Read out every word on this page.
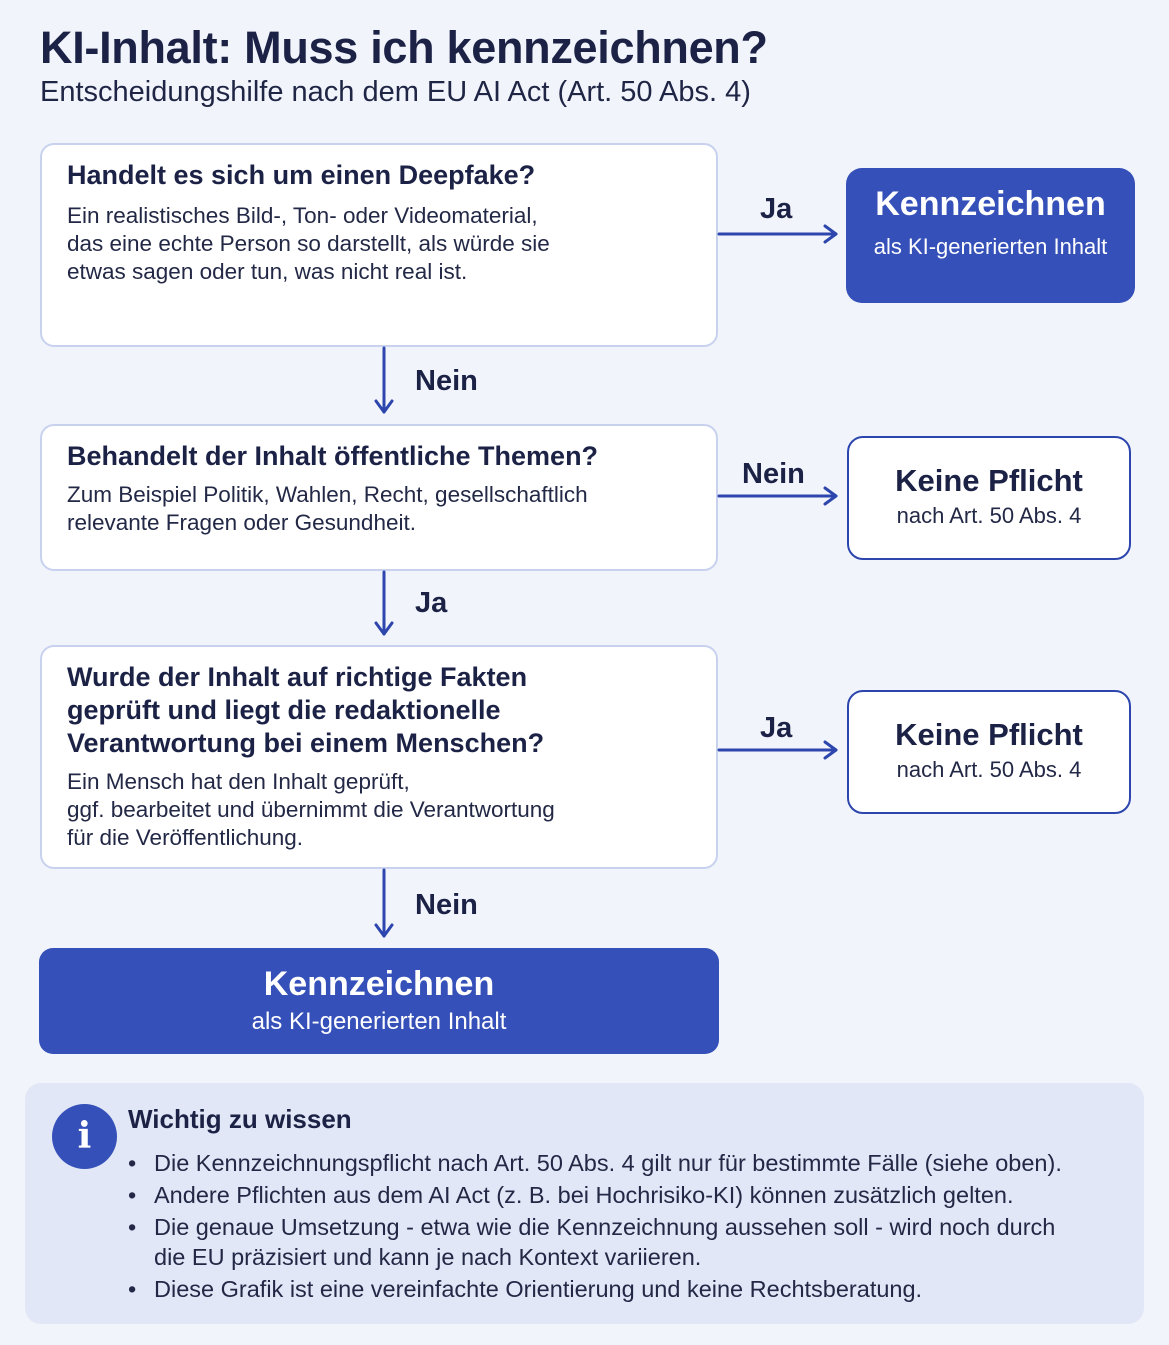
KI-Inhalt: Muss ich kennzeichnen?
Entscheidungshilfe nach dem EU AI Act (Art. 50 Abs. 4)
Handelt es sich um einen Deepfake?
Ein realistisches Bild-, Ton- oder Videomaterial,
das eine echte Person so darstellt, als würde sie
etwas sagen oder tun, was nicht real ist.
Behandelt der Inhalt öffentliche Themen?
Zum Beispiel Politik, Wahlen, Recht, gesellschaftlich
relevante Fragen oder Gesundheit.
Wurde der Inhalt auf richtige Fakten
geprüft und liegt die redaktionelle
Verantwortung bei einem Menschen?
Ein Mensch hat den Inhalt geprüft,
ggf. bearbeitet und übernimmt die Verantwortung
für die Veröffentlichung.
Kennzeichnen
als KI-generierten Inhalt
Keine Pflicht
nach Art. 50 Abs. 4
Keine Pflicht
nach Art. 50 Abs. 4
Kennzeichnen
als KI-generierten Inhalt
Ja
Nein
Nein
Ja
Ja
Nein
i	Wichtig zu wissen
• Die Kennzeichnungspflicht nach Art. 50 Abs. 4 gilt nur für bestimmte Fälle (siehe oben).
• Andere Pflichten aus dem AI Act (z. B. bei Hochrisiko-KI) können zusätzlich gelten.
• Die genaue Umsetzung - etwa wie die Kennzeichnung aussehen soll - wird noch durch
die EU präzisiert und kann je nach Kontext variieren.
• Diese Grafik ist eine vereinfachte Orientierung und keine Rechtsberatung.
